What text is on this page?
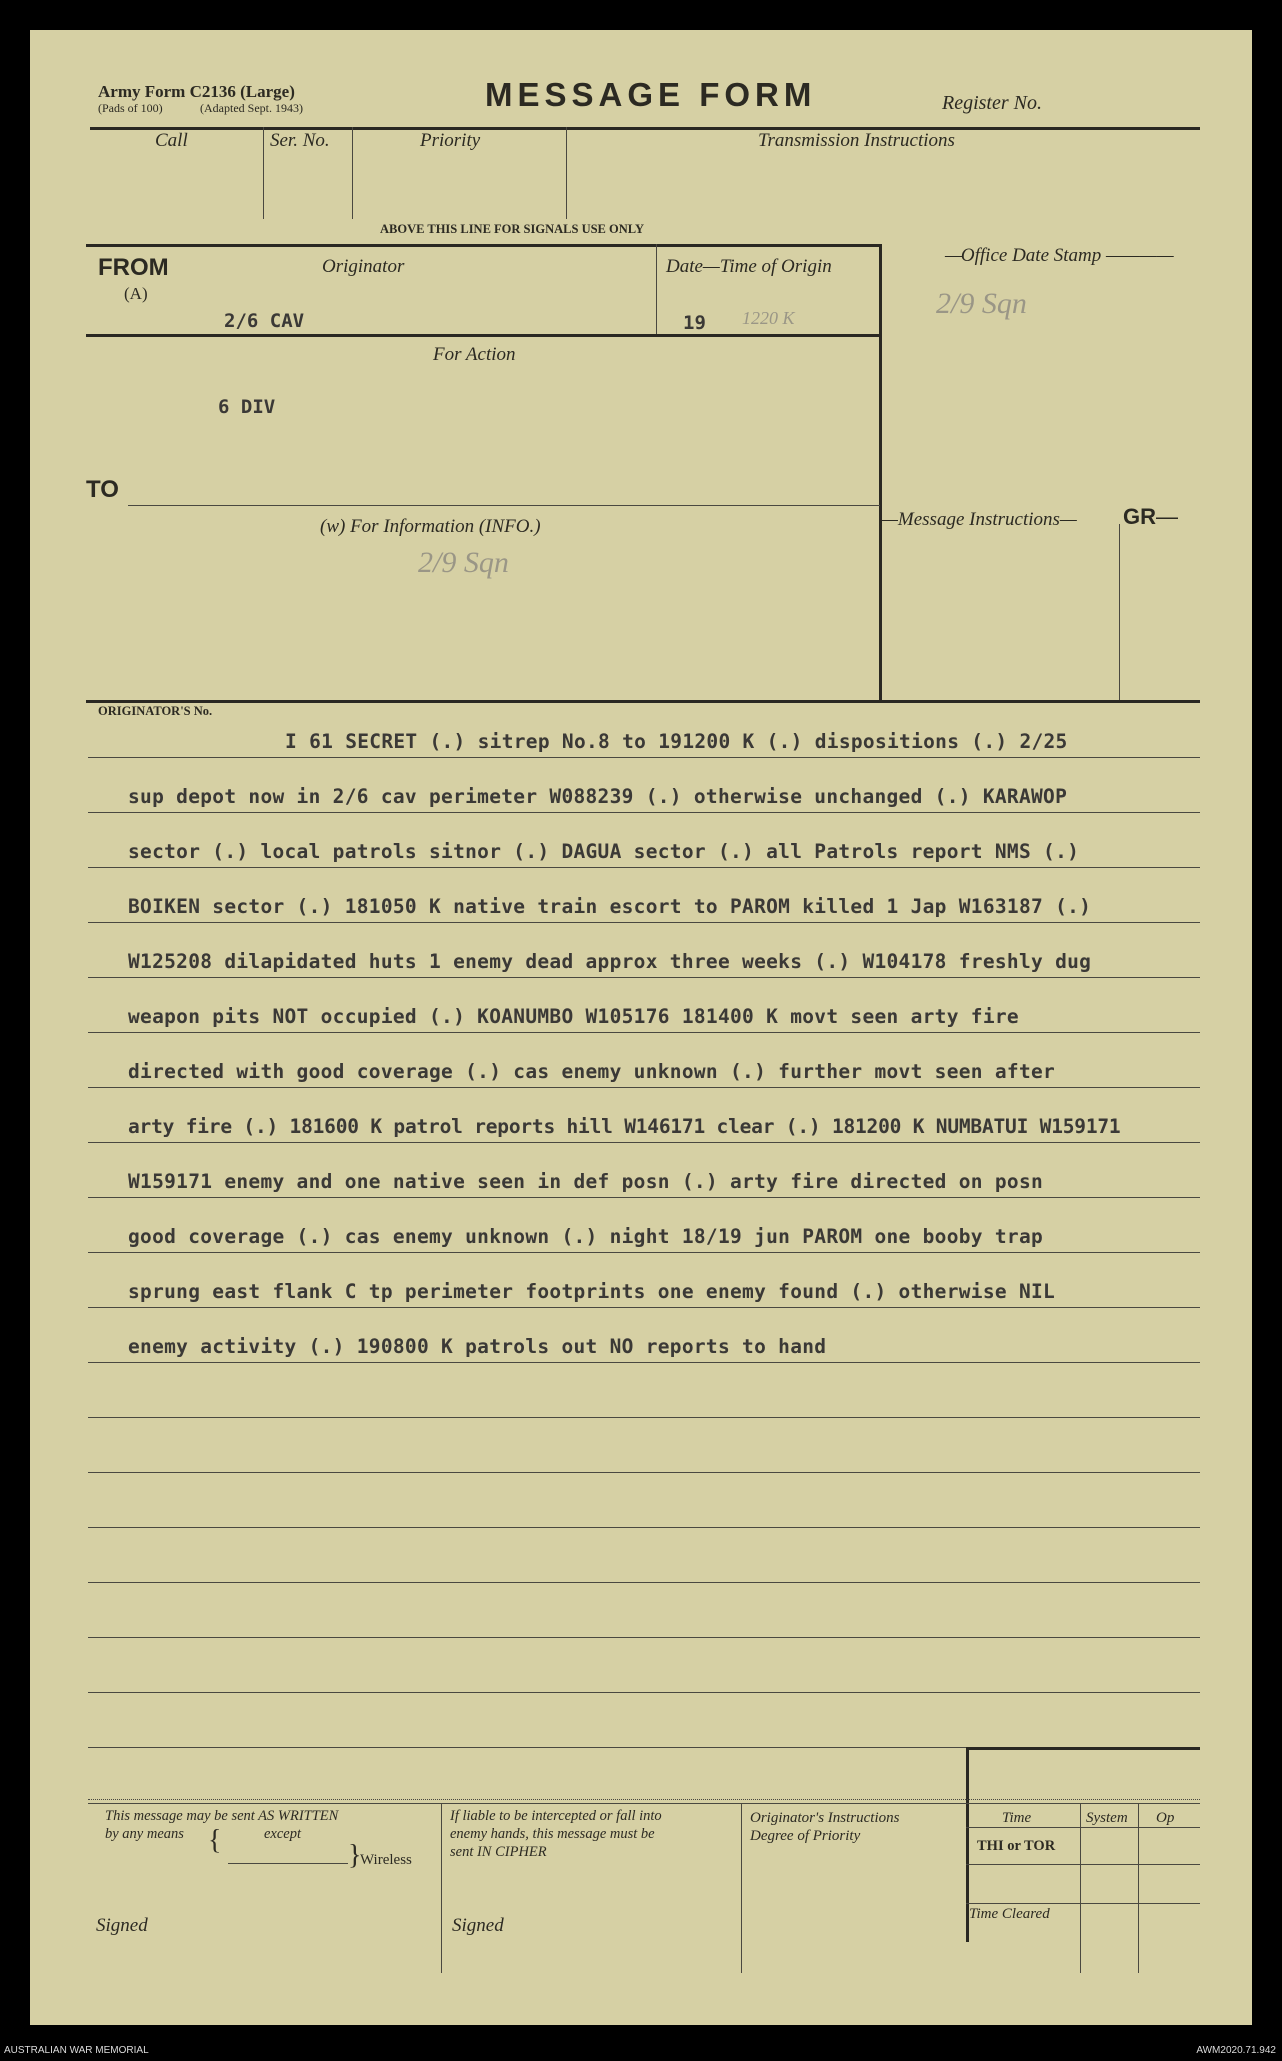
Army Form C2136 (Large)
(Pads of 100)	(Adapted Sept. 1943)	MESSAGE FORM	Register No.
Call	Ser. No.	Priority	Transmission Instructions
ABOVE THIS LINE FOR SIGNALS USE ONLY
FROM
(A)
Originator
2/6 CAV
Date—Time of Origin
19 1220 K
For Action
6 DIV
TO
(w) For Information (INFO.)
2/9 Sqn
—Office Date Stamp ————
2/9 Sqn
—Message Instructions— GR—
ORIGINATOR'S No.
I 61 SECRET (.) sitrep No.8 to 191200 K (.) dispositions (.) 2/25
sup depot now in 2/6 cav perimeter W088239 (.) otherwise unchanged (.) KARAWOP
sector (.) local patrols sitnor (.) DAGUA sector (.) all Patrols report NMS (.)
BOIKEN sector (.) 181050 K native train escort to PAROM killed 1 Jap W163187 (.)
W125208 dilapidated huts 1 enemy dead approx three weeks (.) W104178 freshly dug
weapon pits NOT occupied (.) KOANUMBO W105176 181400 K movt seen arty fire
directed with good coverage (.) cas enemy unknown (.) further movt seen after
arty fire (.) 181600 K patrol reports hill W146171 clear (.) 181200 K NUMBATUI W159171
W159171 enemy and one native seen in def posn (.) arty fire directed on posn
good coverage (.) cas enemy unknown (.) night 18/19 jun PAROM one booby trap
sprung east flank C tp perimeter footprints one enemy found (.) otherwise NIL
enemy activity (.) 190800 K patrols out NO reports to hand
This message may be sent AS WRITTEN
by any means {	except
}
Wireless
If liable to be intercepted or fall into
enemy hands, this message must be
sent IN CIPHER
Originator's Instructions
Degree of Priority
Time	System Op
THI or TOR
Time Cleared
Signed	Signed
AUSTRALIAN WAR MEMORIAL	AWM2020.71.942
